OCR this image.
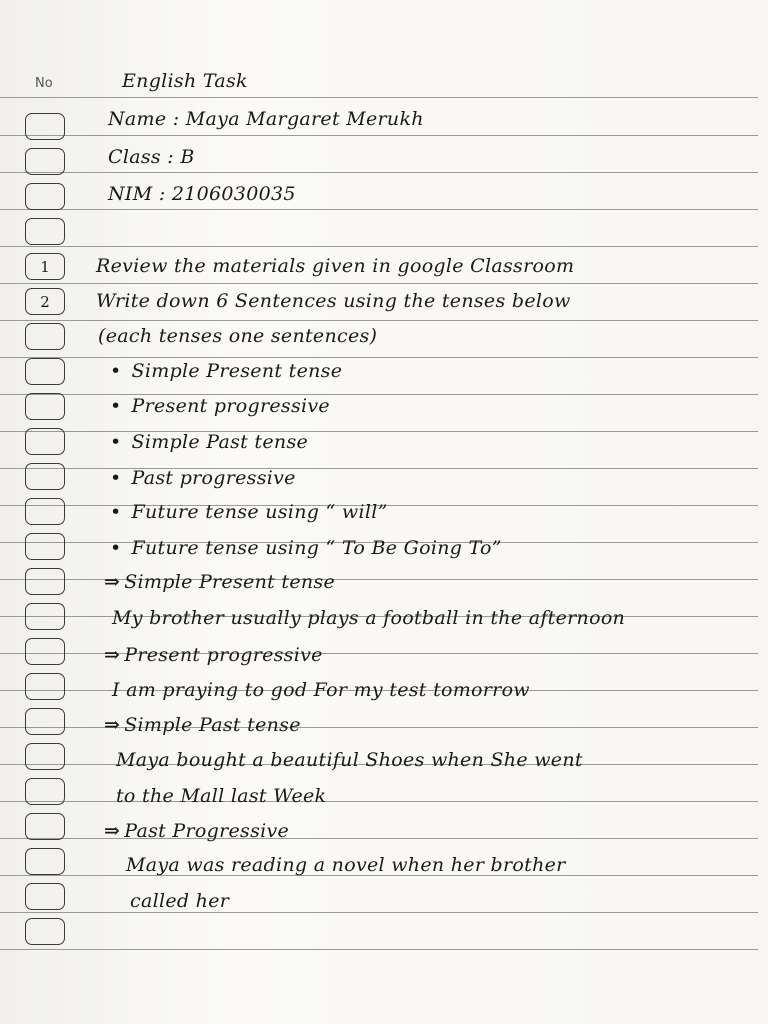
No
1
2
English Task
Name : Maya Margaret Merukh
Class : B
NIM : 2106030035
Review the materials given in google Classroom
Write down 6 Sentences using the tenses below
(each tenses one sentences)
• Simple Present tense
• Present progressive
• Simple Past tense
• Past progressive
• Future tense using “ will”
• Future tense using “ To Be Going To”
⇒ Simple Present tense
My brother usually plays a football in the afternoon
⇒ Present progressive
I am praying to god For my test tomorrow
⇒ Simple Past tense
Maya bought a beautiful Shoes when She went
to the Mall last Week
⇒ Past Progressive
Maya was reading a novel when her brother
called her
